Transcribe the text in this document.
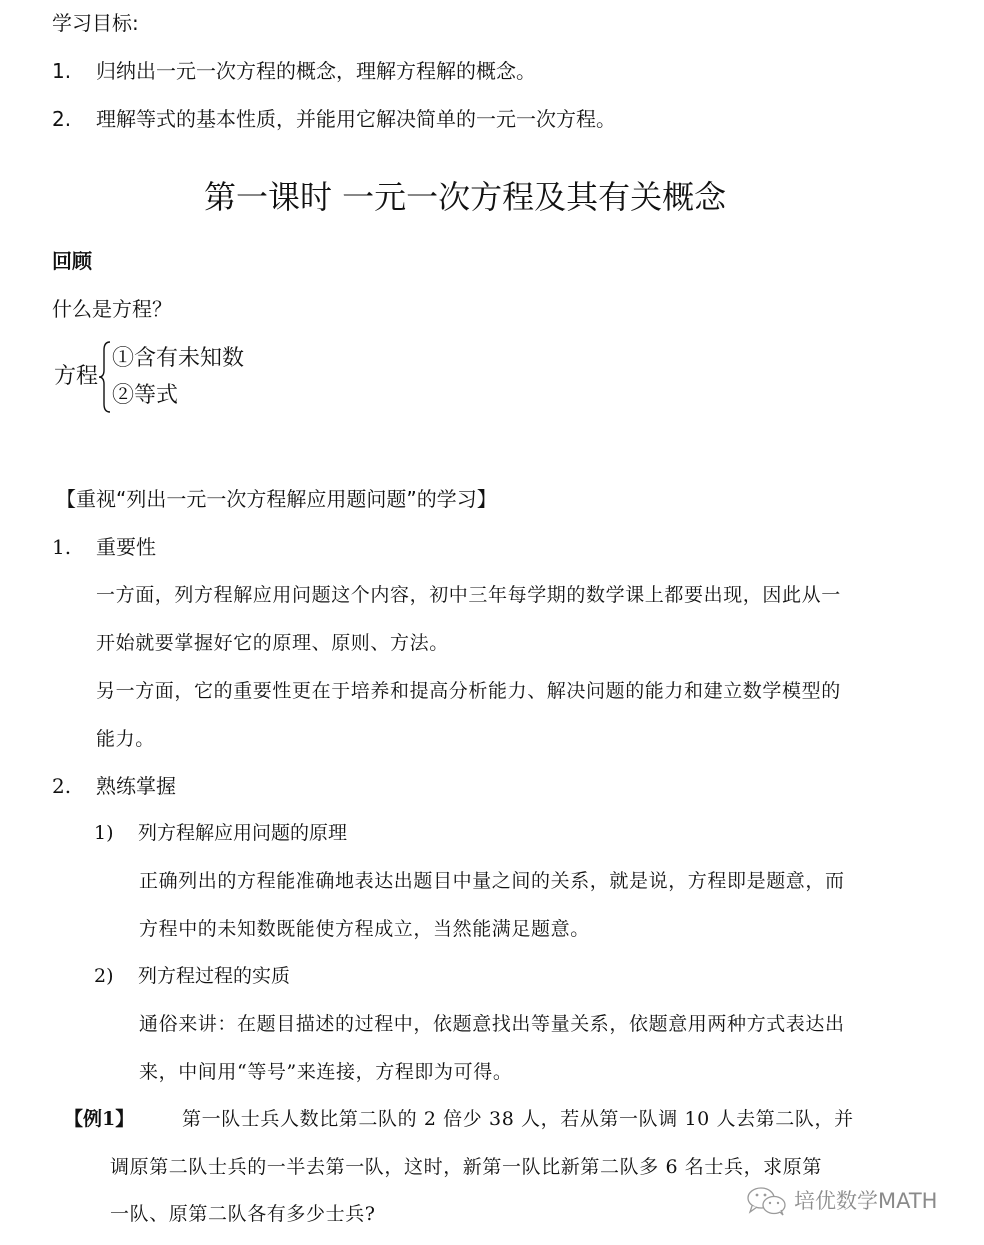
学习目标:
1. 归纳出一元一次方程的概念，理解方程解的概念。
2. 理解等式的基本性质，并能用它解决简单的一元一次方程。
第一课时 一元一次方程及其有关概念
回顾
什么是方程？
方程
①含有未知数
②等式
【重视“列出一元一次方程解应用题问题”的学习】
1. 重要性
一方面，列方程解应用问题这个内容，初中三年每学期的数学课上都要出现，因此从一
开始就要掌握好它的原理、原则、方法。
另一方面，它的重要性更在于培养和提高分析能力、解决问题的能力和建立数学模型的
能力。
2. 熟练掌握
1) 列方程解应用问题的原理
正确列出的方程能准确地表达出题目中量之间的关系，就是说，方程即是题意，而
方程中的未知数既能使方程成立，当然能满足题意。
2) 列方程过程的实质
通俗来讲：在题目描述的过程中，依题意找出等量关系，依题意用两种方式表达出
来，中间用“等号”来连接，方程即为可得。
【例1】	第一队士兵人数比第二队的 2 倍少 38 人，若从第一队调 10 人去第二队，并
调原第二队士兵的一半去第一队，这时，新第一队比新第二队多 6 名士兵，求原第
一队、原第二队各有多少士兵?
培优数学MATH
